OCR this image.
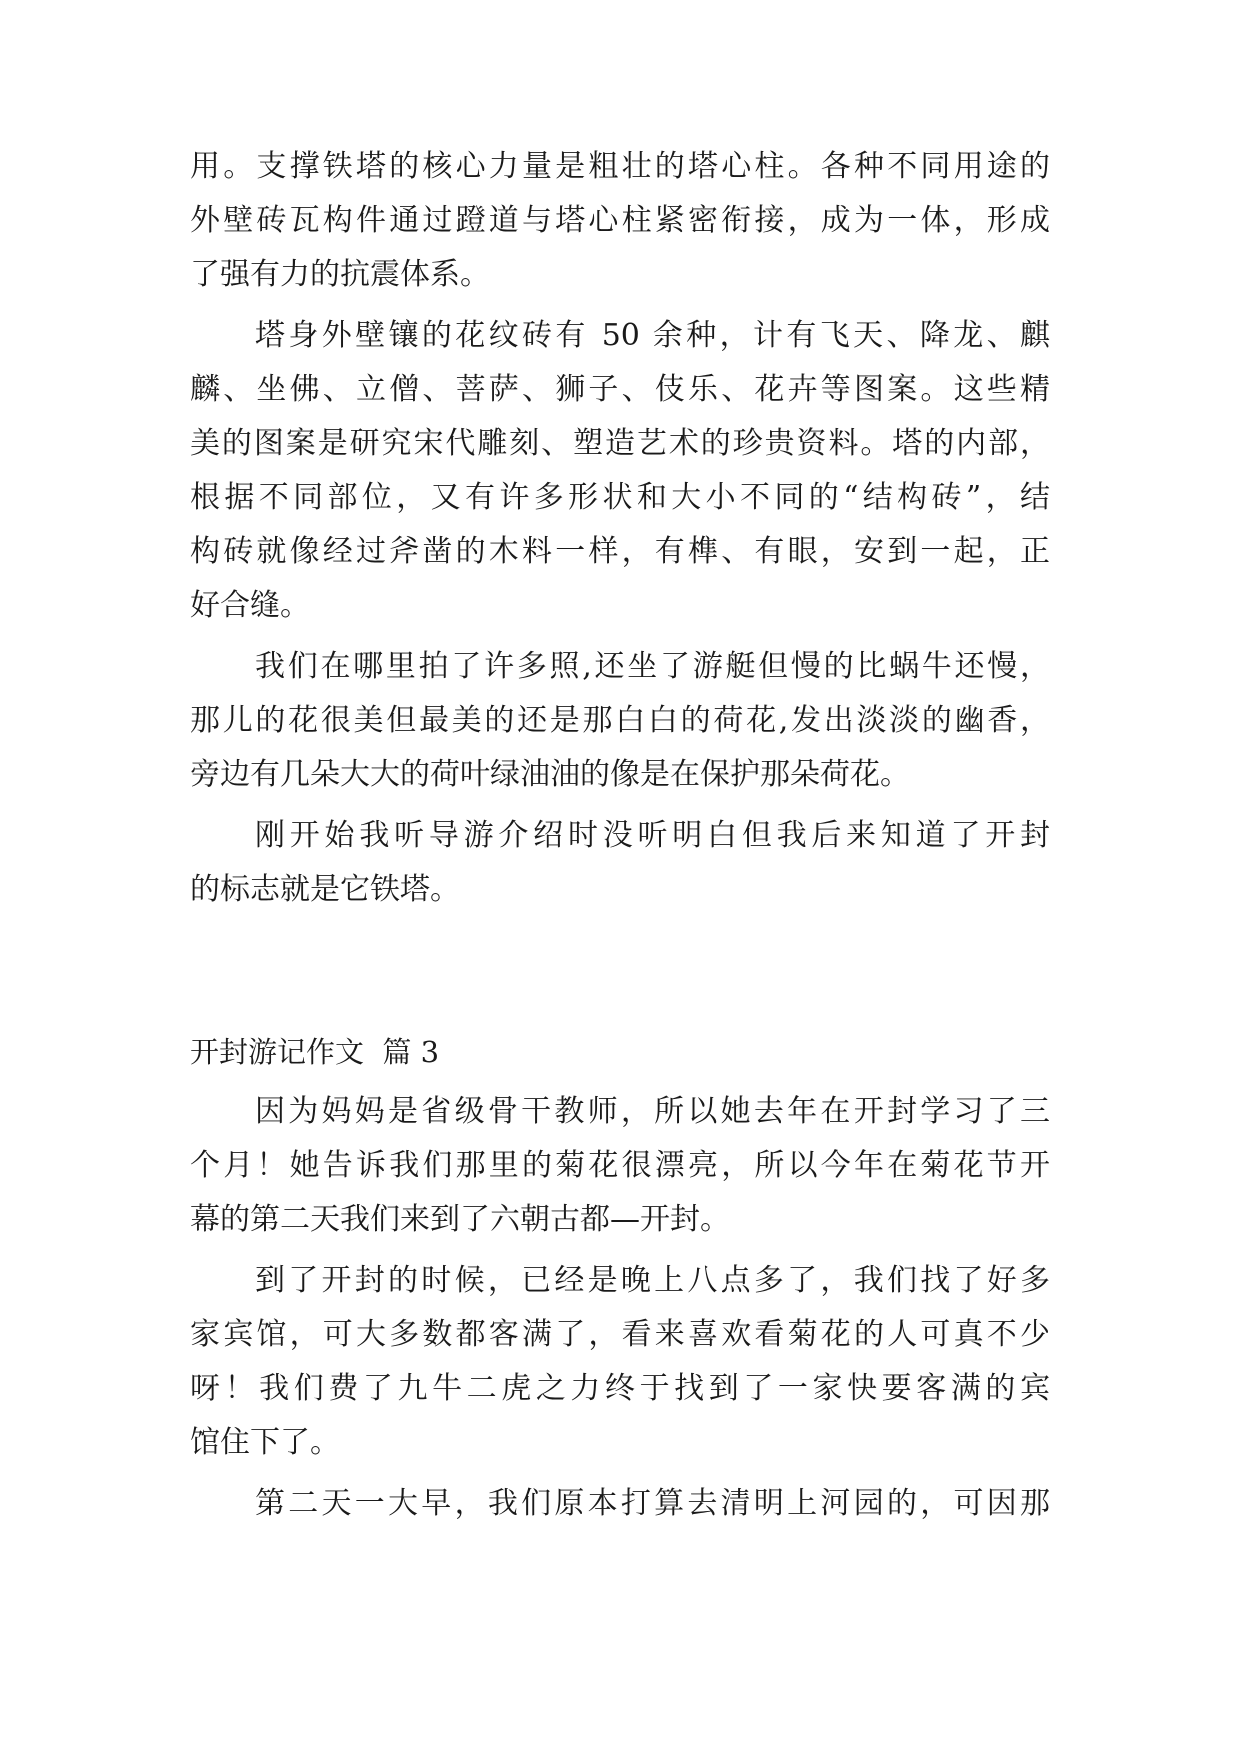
用。支撑铁塔的核心力量是粗壮的塔心柱。各种不同用途的
外壁砖瓦构件通过蹬道与塔心柱紧密衔接，成为一体，形成
了强有力的抗震体系。
塔身外壁镶的花纹砖有 50 余种，计有飞天、降龙、麒
麟、坐佛、立僧、菩萨、狮子、伎乐、花卉等图案。这些精
美的图案是研究宋代雕刻、塑造艺术的珍贵资料。塔的内部，
根据不同部位，又有许多形状和大小不同的“结构砖”，结
构砖就像经过斧凿的木料一样，有榫、有眼，安到一起，正
好合缝。
我们在哪里拍了许多照,还坐了游艇但慢的比蜗牛还慢，
那儿的花很美但最美的还是那白白的荷花,发出淡淡的幽香，
旁边有几朵大大的荷叶绿油油的像是在保护那朵荷花。
刚开始我听导游介绍时没听明白但我后来知道了开封
的标志就是它铁塔。
开封游记作文  篇 3
因为妈妈是省级骨干教师，所以她去年在开封学习了三
个月！她告诉我们那里的菊花很漂亮，所以今年在菊花节开
幕的第二天我们来到了六朝古都—开封。
到了开封的时候，已经是晚上八点多了，我们找了好多
家宾馆，可大多数都客满了，看来喜欢看菊花的人可真不少
呀！我们费了九牛二虎之力终于找到了一家快要客满的宾
馆住下了。
第二天一大早，我们原本打算去清明上河园的，可因那
